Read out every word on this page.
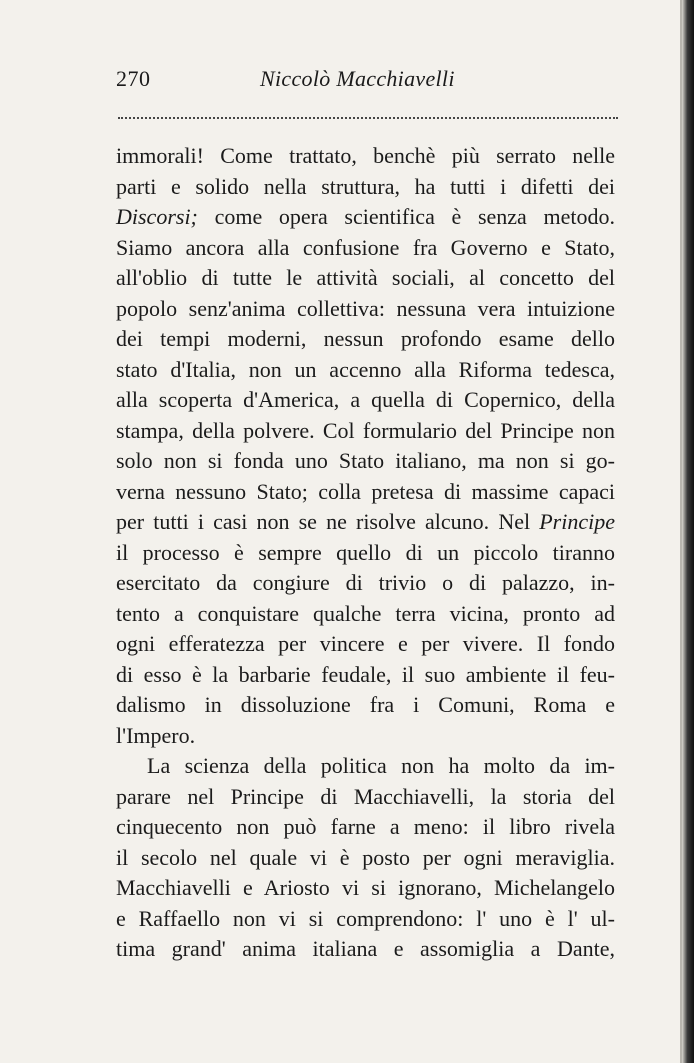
270	Niccolò Macchiavelli
immorali! Come trattato, benchè più serrato nelle
parti e solido nella struttura, ha tutti i difetti dei
Discorsi; come opera scientifica è senza metodo.
Siamo ancora alla confusione fra Governo e Stato,
all'oblio di tutte le attività sociali, al concetto del
popolo senz'anima collettiva: nessuna vera intuizione
dei tempi moderni, nessun profondo esame dello
stato d'Italia, non un accenno alla Riforma tedesca,
alla scoperta d'America, a quella di Copernico, della
stampa, della polvere. Col formulario del Principe non
solo non si fonda uno Stato italiano, ma non si go-
verna nessuno Stato; colla pretesa di massime capaci
per tutti i casi non se ne risolve alcuno. Nel Principe
il processo è sempre quello di un piccolo tiranno
esercitato da congiure di trivio o di palazzo, in-
tento a conquistare qualche terra vicina, pronto ad
ogni efferatezza per vincere e per vivere. Il fondo
di esso è la barbarie feudale, il suo ambiente il feu-
dalismo in dissoluzione fra i Comuni, Roma e
l'Impero.
La scienza della politica non ha molto da im-
parare nel Principe di Macchiavelli, la storia del
cinquecento non può farne a meno: il libro rivela
il secolo nel quale vi è posto per ogni meraviglia.
Macchiavelli e Ariosto vi si ignorano, Michelangelo
e Raffaello non vi si comprendono: l' uno è l' ul-
tima grand' anima italiana e assomiglia a Dante,
